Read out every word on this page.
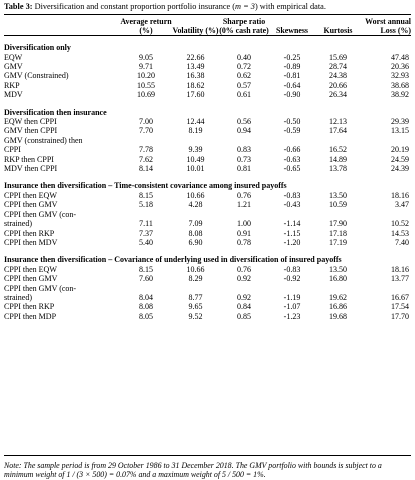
Table 3: Diversification and constant proportion portfolio insurance (m = 3) with empirical data.
	Average return (%)	Volatility (%)	Sharpe ratio (0% cash rate)	Skewness	Kurtosis	Worst annual Loss (%)
Diversification only						
EQW	9.05	22.66	0.40	-0.25	15.69	47.48
GMV	9.71	13.49	0.72	-0.89	28.74	20.36
GMV (Constrained)	10.20	16.38	0.62	-0.81	24.38	32.93
RKP	10.55	18.62	0.57	-0.64	20.66	38.68
MDV	10.69	17.60	0.61	-0.90	26.34	38.92
Diversification then insurance						
EQW then CPPI	7.00	12.44	0.56	-0.50	12.13	29.39
GMV then CPPI	7.70	8.19	0.94	-0.59	17.64	13.15
GMV (constrained) then
CPPI	7.78	9.39	0.83	-0.66	16.52	20.19
RKP then CPPI	7.62	10.49	0.73	-0.63	14.89	24.59
MDV then CPPI	8.14	10.01	0.81	-0.65	13.78	24.39
Insurance then diversification – Time-consistent covariance among insured payoffs						
CPPI then EQW	8.15	10.66	0.76	-0.83	13.50	18.16
CPPI then GMV	5.18	4.28	1.21	-0.43	10.59	3.47
CPPI then GMV (con-
strained)	7.11	7.09	1.00	-1.14	17.90	10.52
CPPI then RKP	7.37	8.08	0.91	-1.15	17.18	14.53
CPPI then MDV	5.40	6.90	0.78	-1.20	17.19	7.40
Insurance then diversification – Covariance of underlying used in diversification of insured payoffs						
CPPI then EQW	8.15	10.66	0.76	-0.83	13.50	18.16
CPPI then GMV	7.60	8.29	0.92	-0.92	16.80	13.77
CPPI then GMV (con-
strained)	8.04	8.77	0.92	-1.19	19.62	16.67
CPPI then RKP	8.08	9.65	0.84	-1.07	16.86	17.54
CPPI then MDP	8.05	9.52	0.85	-1.23	19.68	17.70
Note: The sample period is from 29 October 1986 to 31 December 2018. The GMV portfolio with bounds is subject to a minimum weight of 1 / (3 × 500) = 0.07% and a maximum weight of 5 / 500 = 1%.
